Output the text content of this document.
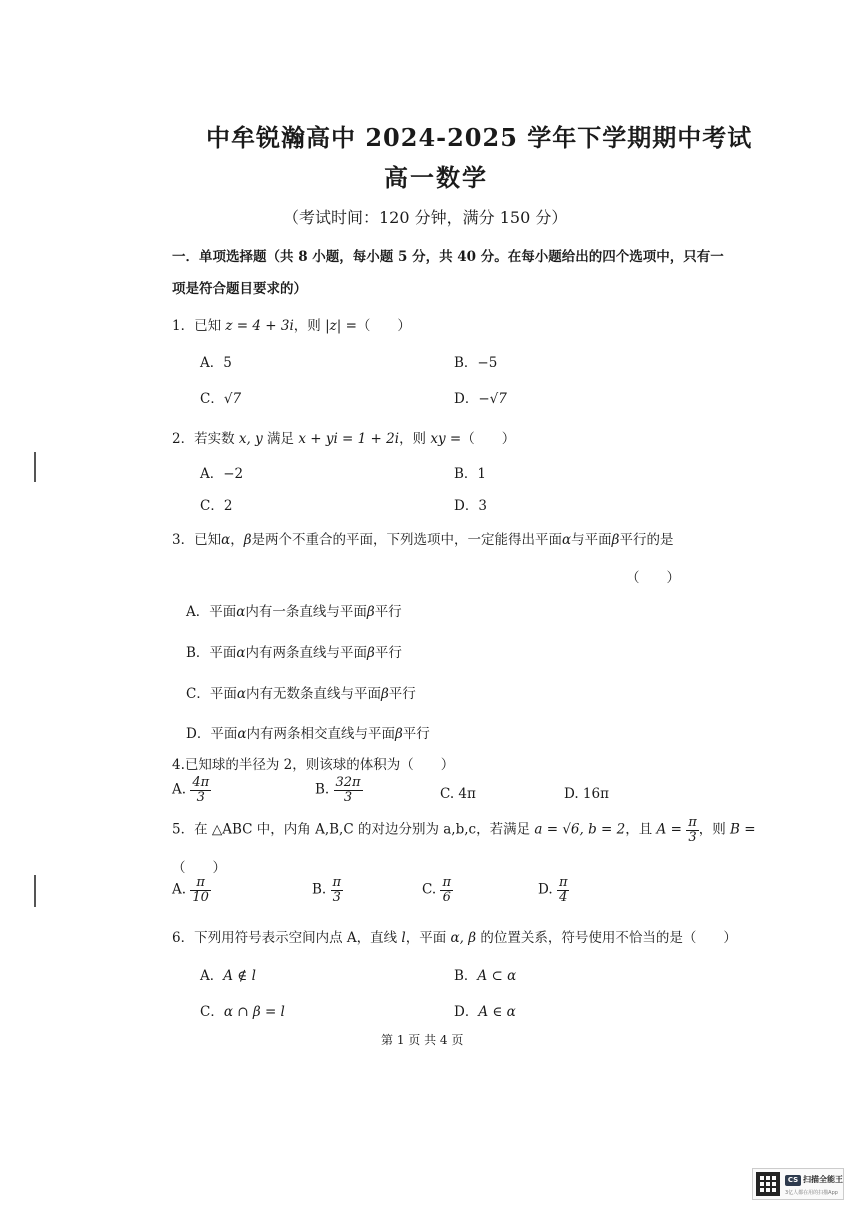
中牟锐瀚高中 2024-2025 学年下学期期中考试
高一数学
（考试时间：120 分钟，满分 150 分）
一．单项选择题（共 8 小题，每小题 5 分，共 40 分。在每小题给出的四个选项中，只有一
项是符合题目要求的）
1．已知 z = 4 + 3i，则 |z| =（　　）
A．5	B．−5
C．√7	D．−√7
2．若实数 x, y 满足 x + yi = 1 + 2i，则 xy =（　　）
A．−2	B．1
C．2	D．3
3．已知α，β是两个不重合的平面，下列选项中，一定能得出平面α与平面β平行的是
（　　）
A．平面α内有一条直线与平面β平行
B．平面α内有两条直线与平面β平行
C．平面α内有无数条直线与平面β平行
D．平面α内有两条相交直线与平面β平行
4.已知球的半径为 2，则该球的体积为（　　）
A. $\frac{4\pi}{3}$	B. $\frac{32\pi}{3}$	C. 4π	D. 16π
5．在 △ABC 中，内角 A,B,C 的对边分别为 a,b,c，若满足 a = √6, b = 2，且 $A = \frac{\pi}{3}$ ，则 B =
（　　）
A. $\frac{\pi}{10}$	B. $\frac{\pi}{3}$	C. $\frac{\pi}{6}$	D. $\frac{\pi}{4}$
6．下列用符号表示空间内点 A，直线 l，平面 α, β 的位置关系，符号使用不恰当的是（　　）
A．A ∉ l	B．A ⊂ α
C．α ∩ β = l	D．A ∈ α
第 1 页 共 4 页
CS 扫描全能王
3亿人都在用的扫描App
